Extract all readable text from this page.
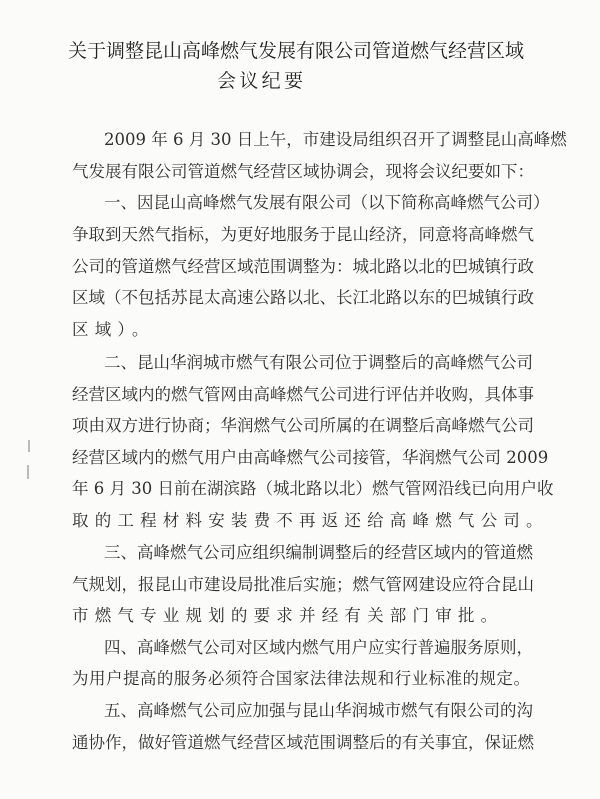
关于调整昆山高峰燃气发展有限公司管道燃气经营区域
会议纪要
2009 年 6 月 30 日上午，市建设局组织召开了调整昆山高峰燃
气发展有限公司管道燃气经营区域协调会，现将会议纪要如下：
一、因昆山高峰燃气发展有限公司（以下简称高峰燃气公司）
争取到天然气指标，为更好地服务于昆山经济，同意将高峰燃气
公司的管道燃气经营区域范围调整为：城北路以北的巴城镇行政
区域（不包括苏昆太高速公路以北、长江北路以东的巴城镇行政
区域）。
二、昆山华润城市燃气有限公司位于调整后的高峰燃气公司
经营区域内的燃气管网由高峰燃气公司进行评估并收购，具体事
项由双方进行协商；华润燃气公司所属的在调整后高峰燃气公司
经营区域内的燃气用户由高峰燃气公司接管，华润燃气公司 2009
年 6 月 30 日前在湖滨路（城北路以北）燃气管网沿线已向用户收
取的工程材料安装费不再返还给高峰燃气公司。
三、高峰燃气公司应组织编制调整后的经营区域内的管道燃
气规划，报昆山市建设局批准后实施；燃气管网建设应符合昆山
市燃气专业规划的要求并经有关部门审批。
四、高峰燃气公司对区域内燃气用户应实行普遍服务原则，
为用户提高的服务必须符合国家法律法规和行业标准的规定。
五、高峰燃气公司应加强与昆山华润城市燃气有限公司的沟
通协作，做好管道燃气经营区域范围调整后的有关事宜，保证燃
